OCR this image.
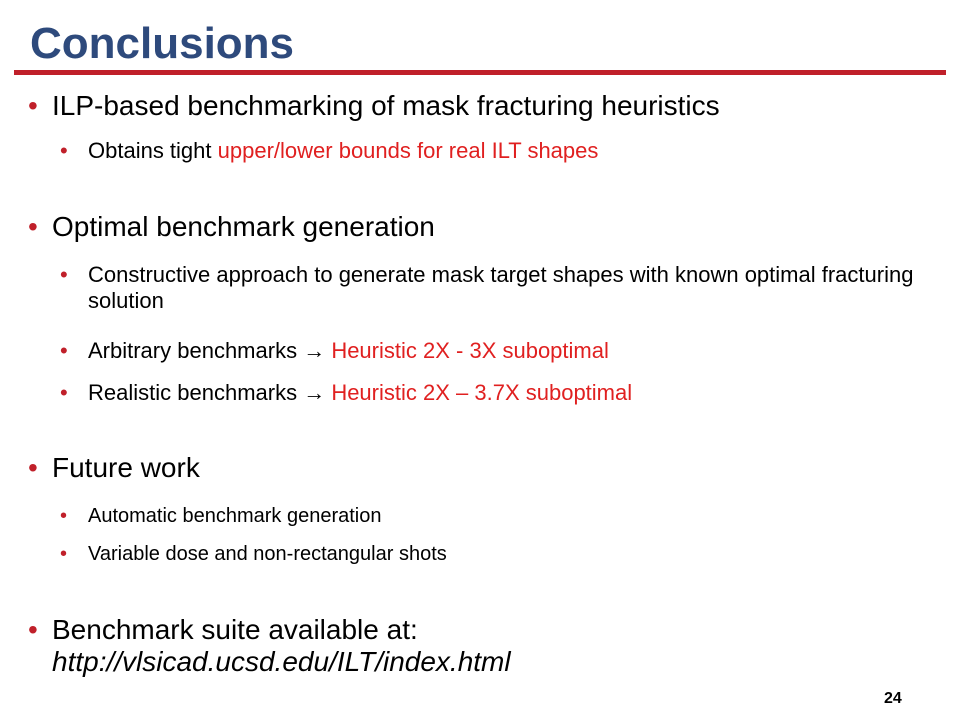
Conclusions
• ILP-based benchmarking of mask fracturing heuristics
• Obtains tight upper/lower bounds for real ILT shapes
• Optimal benchmark generation
• Constructive approach to generate mask target shapes with known optimal fracturing solution
• Arbitrary benchmarks → Heuristic 2X - 3X suboptimal
• Realistic benchmarks → Heuristic 2X – 3.7X suboptimal
• Future work
• Automatic benchmark generation
• Variable dose and non-rectangular shots
• Benchmark suite available at:
http://vlsicad.ucsd.edu/ILT/index.html
24
